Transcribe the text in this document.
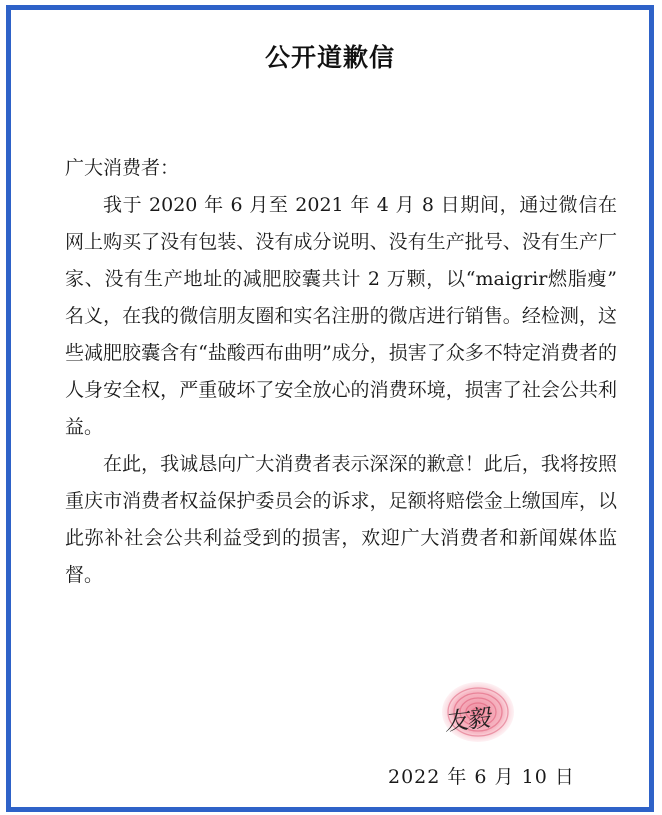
公开道歉信

广大消费者：

我于 2020 年 6 月至 2021 年 4 月 8 日期间，通过微信在网上购买了没有包装、没有成分说明、没有生产批号、没有生产厂家、没有生产地址的减肥胶囊共计 2 万颗，以“maigrir燃脂瘦” 名义，在我的微信朋友圈和实名注册的微店进行销售。经检测，这些减肥胶囊含有“盐酸西布曲明”成分，损害了众多不特定消费者的人身安全权，严重破坏了安全放心的消费环境，损害了社会公共利益。

在此，我诚恳向广大消费者表示深深的歉意！此后，我将按照重庆市消费者权益保护委员会的诉求，足额将赔偿金上缴国库，以此弥补社会公共利益受到的损害，欢迎广大消费者和新闻媒体监督。

友毅
2022 年 6 月 10 日
